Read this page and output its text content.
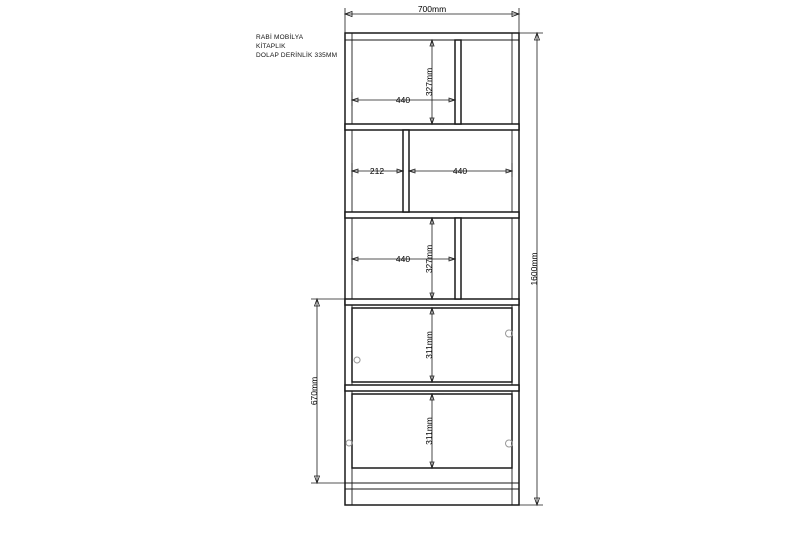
700mm
1600mm
670mm
440
327mm
212	440
440 327mm
311mm
311mm
RABİ MOBİLYA
KİTAPLIK
DOLAP DERİNLİK 335MM
